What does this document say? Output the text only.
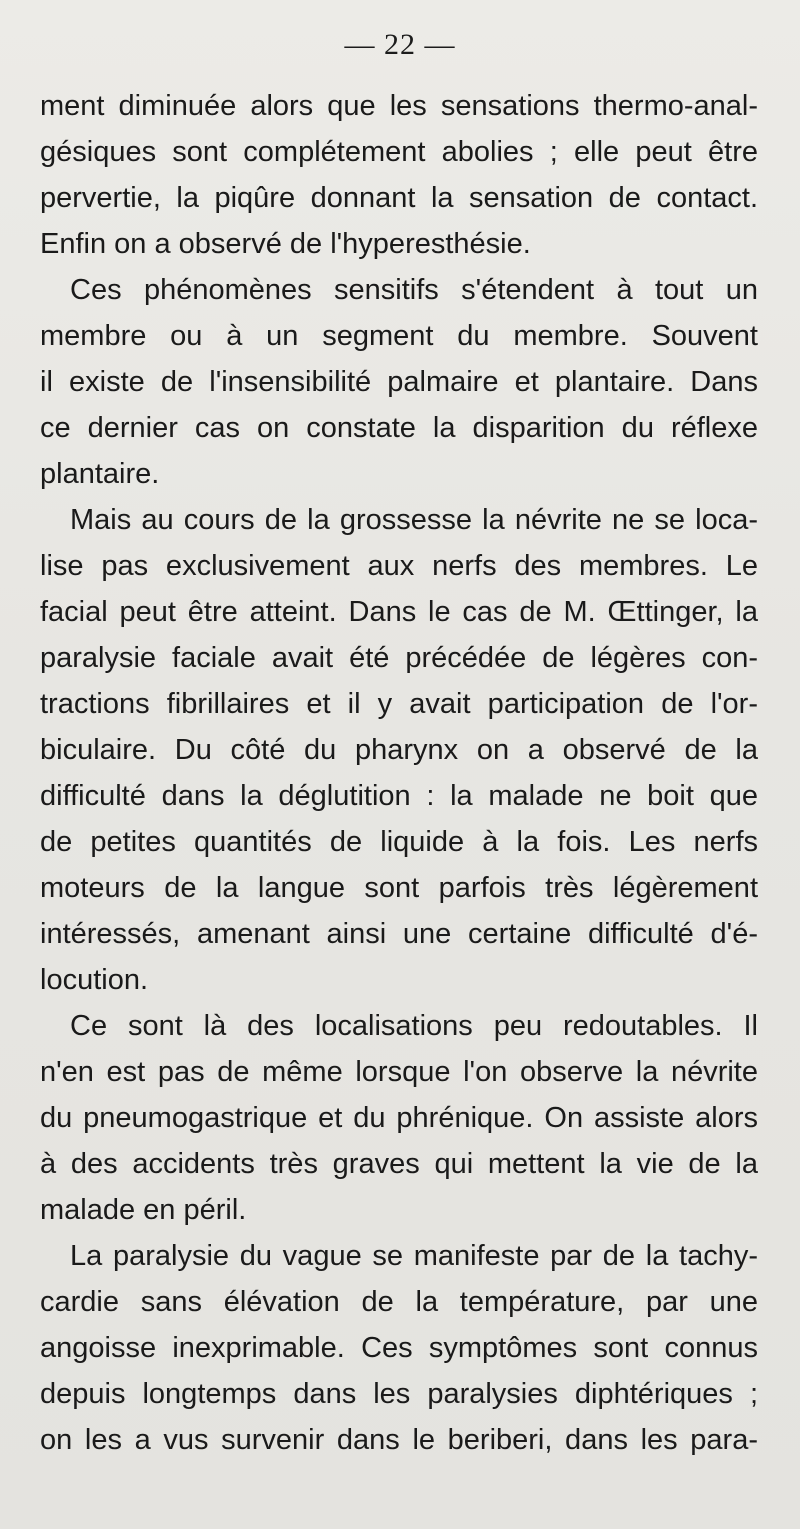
— 22 —
ment diminuée alors que les sensations thermo-anal-
gésiques sont complétement abolies ; elle peut être
pervertie, la piqûre donnant la sensation de contact.
Enfin on a observé de l'hyperesthésie.
Ces phénomènes sensitifs s'étendent à tout un
membre ou à un segment du membre. Souvent
il existe de l'insensibilité palmaire et plantaire. Dans
ce dernier cas on constate la disparition du réflexe
plantaire.
Mais au cours de la grossesse la névrite ne se loca-
lise pas exclusivement aux nerfs des membres. Le
facial peut être atteint. Dans le cas de M. Œttinger, la
paralysie faciale avait été précédée de légères con-
tractions fibrillaires et il y avait participation de l'or-
biculaire. Du côté du pharynx on a observé de la
difficulté dans la déglutition : la malade ne boit que
de petites quantités de liquide à la fois. Les nerfs
moteurs de la langue sont parfois très légèrement
intéressés, amenant ainsi une certaine difficulté d'é-
locution.
Ce sont là des localisations peu redoutables. Il
n'en est pas de même lorsque l'on observe la névrite
du pneumogastrique et du phrénique. On assiste alors
à des accidents très graves qui mettent la vie de la
malade en péril.
La paralysie du vague se manifeste par de la tachy-
cardie sans élévation de la température, par une
angoisse inexprimable. Ces symptômes sont connus
depuis longtemps dans les paralysies diphtériques ;
on les a vus survenir dans le beriberi, dans les para-
